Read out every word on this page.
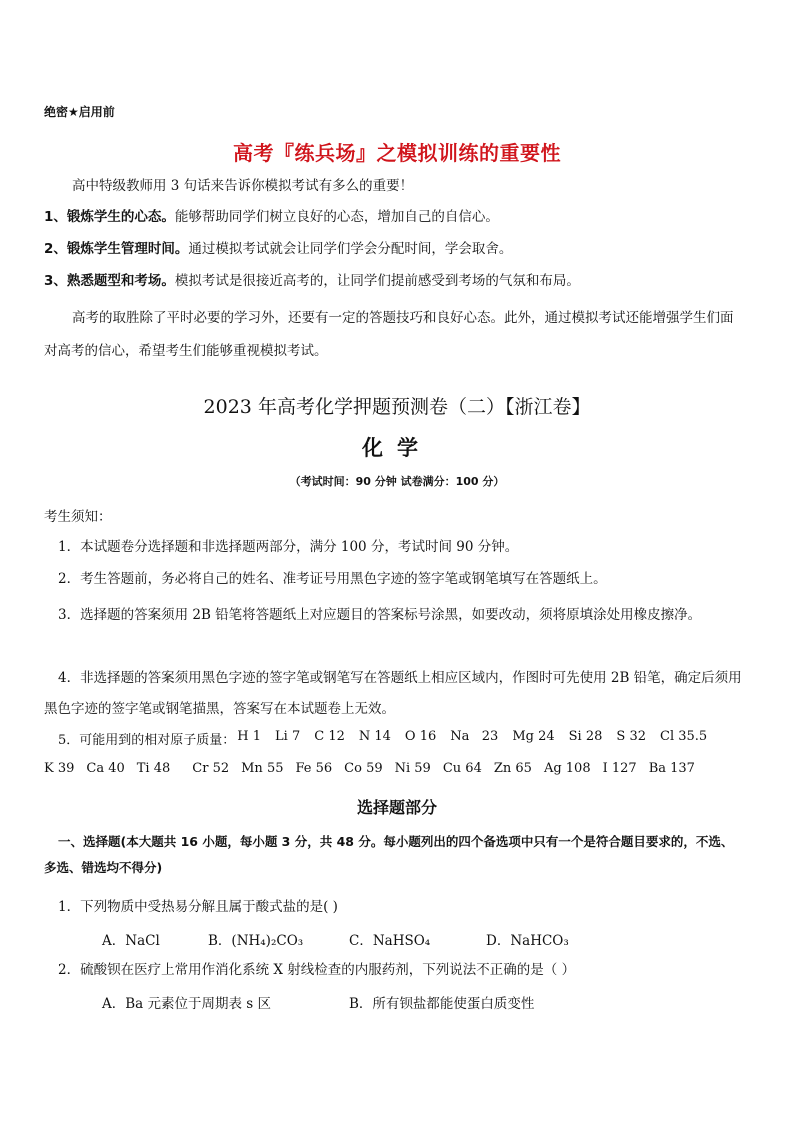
绝密★启用前
高考『练兵场』之模拟训练的重要性
高中特级教师用 3 句话来告诉你模拟考试有多么的重要！
1、锻炼学生的心态。能够帮助同学们树立良好的心态，增加自己的自信心。
2、锻炼学生管理时间。通过模拟考试就会让同学们学会分配时间，学会取舍。
3、熟悉题型和考场。模拟考试是很接近高考的，让同学们提前感受到考场的气氛和布局。
高考的取胜除了平时必要的学习外，还要有一定的答题技巧和良好心态。此外，通过模拟考试还能增强学生们面对高考的信心，希望考生们能够重视模拟考试。
2023 年高考化学押题预测卷（二）【浙江卷】
化学
（考试时间：90 分钟 试卷满分：100 分）
考生须知：
1．本试题卷分选择题和非选择题两部分，满分 100 分，考试时间 90 分钟。
2．考生答题前，务必将自己的姓名、准考证号用黑色字迹的签字笔或钢笔填写在答题纸上。
3．选择题的答案须用 2B 铅笔将答题纸上对应题目的答案标号涂黑，如要改动，须将原填涂处用橡皮擦净。
4．非选择题的答案须用黑色字迹的签字笔或钢笔写在答题纸上相应区域内，作图时可先使用 2B 铅笔，确定后须用黑色字迹的签字笔或钢笔描黑，答案写在本试题卷上无效。
5．可能用到的相对原子质量： H 1 Li 7 C 12 N 14 O 16 Na   23 Mg 24 Si 28 S 32 Cl 35.5
K 39 Ca 40 Ti 48 Cr 52 Mn 55 Fe 56 Co 59 Ni 59 Cu 64 Zn 65 Ag 108 I 127 Ba 137
选择题部分
一、选择题(本大题共 16 小题，每小题 3 分，共 48 分。每小题列出的四个备选项中只有一个是符合题目要求的，不选、多选、错选均不得分)
1．下列物质中受热易分解且属于酸式盐的是( )
A．NaCl	B．(NH₄)₂CO₃	C．NaHSO₄	D．NaHCO₃
2．硫酸钡在医疗上常用作消化系统 X 射线检查的内服药剂，下列说法不正确的是（ ）
A．Ba 元素位于周期表 s 区	B．所有钡盐都能使蛋白质变性
